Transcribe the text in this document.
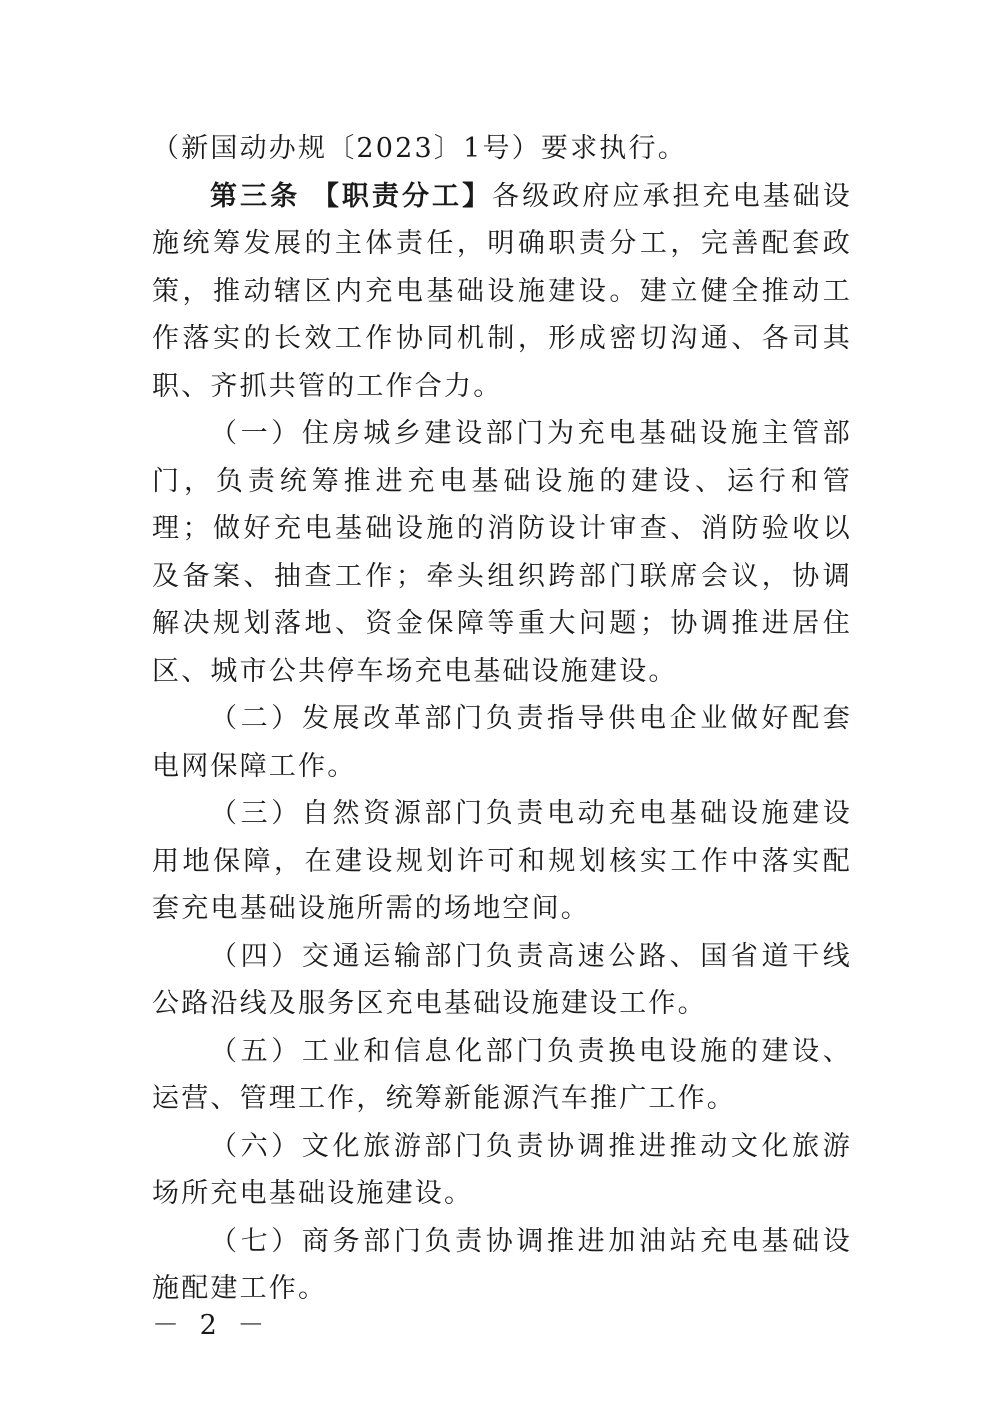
（新国动办规〔2023〕1号）要求执行。

第三条 【职责分工】各级政府应承担充电基础设施统筹发展的主体责任，明确职责分工，完善配套政策，推动辖区内充电基础设施建设。建立健全推动工作落实的长效工作协同机制，形成密切沟通、各司其职、齐抓共管的工作合力。

（一）住房城乡建设部门为充电基础设施主管部门，负责统筹推进充电基础设施的建设、运行和管理；做好充电基础设施的消防设计审查、消防验收以及备案、抽查工作；牵头组织跨部门联席会议，协调解决规划落地、资金保障等重大问题；协调推进居住区、城市公共停车场充电基础设施建设。

（二）发展改革部门负责指导供电企业做好配套电网保障工作。

（三）自然资源部门负责电动充电基础设施建设用地保障，在建设规划许可和规划核实工作中落实配套充电基础设施所需的场地空间。

（四）交通运输部门负责高速公路、国省道干线公路沿线及服务区充电基础设施建设工作。

（五）工业和信息化部门负责换电设施的建设、运营、管理工作，统筹新能源汽车推广工作。

（六）文化旅游部门负责协调推进推动文化旅游场所充电基础设施建设。

（七）商务部门负责协调推进加油站充电基础设施配建工作。

－ 2 －
